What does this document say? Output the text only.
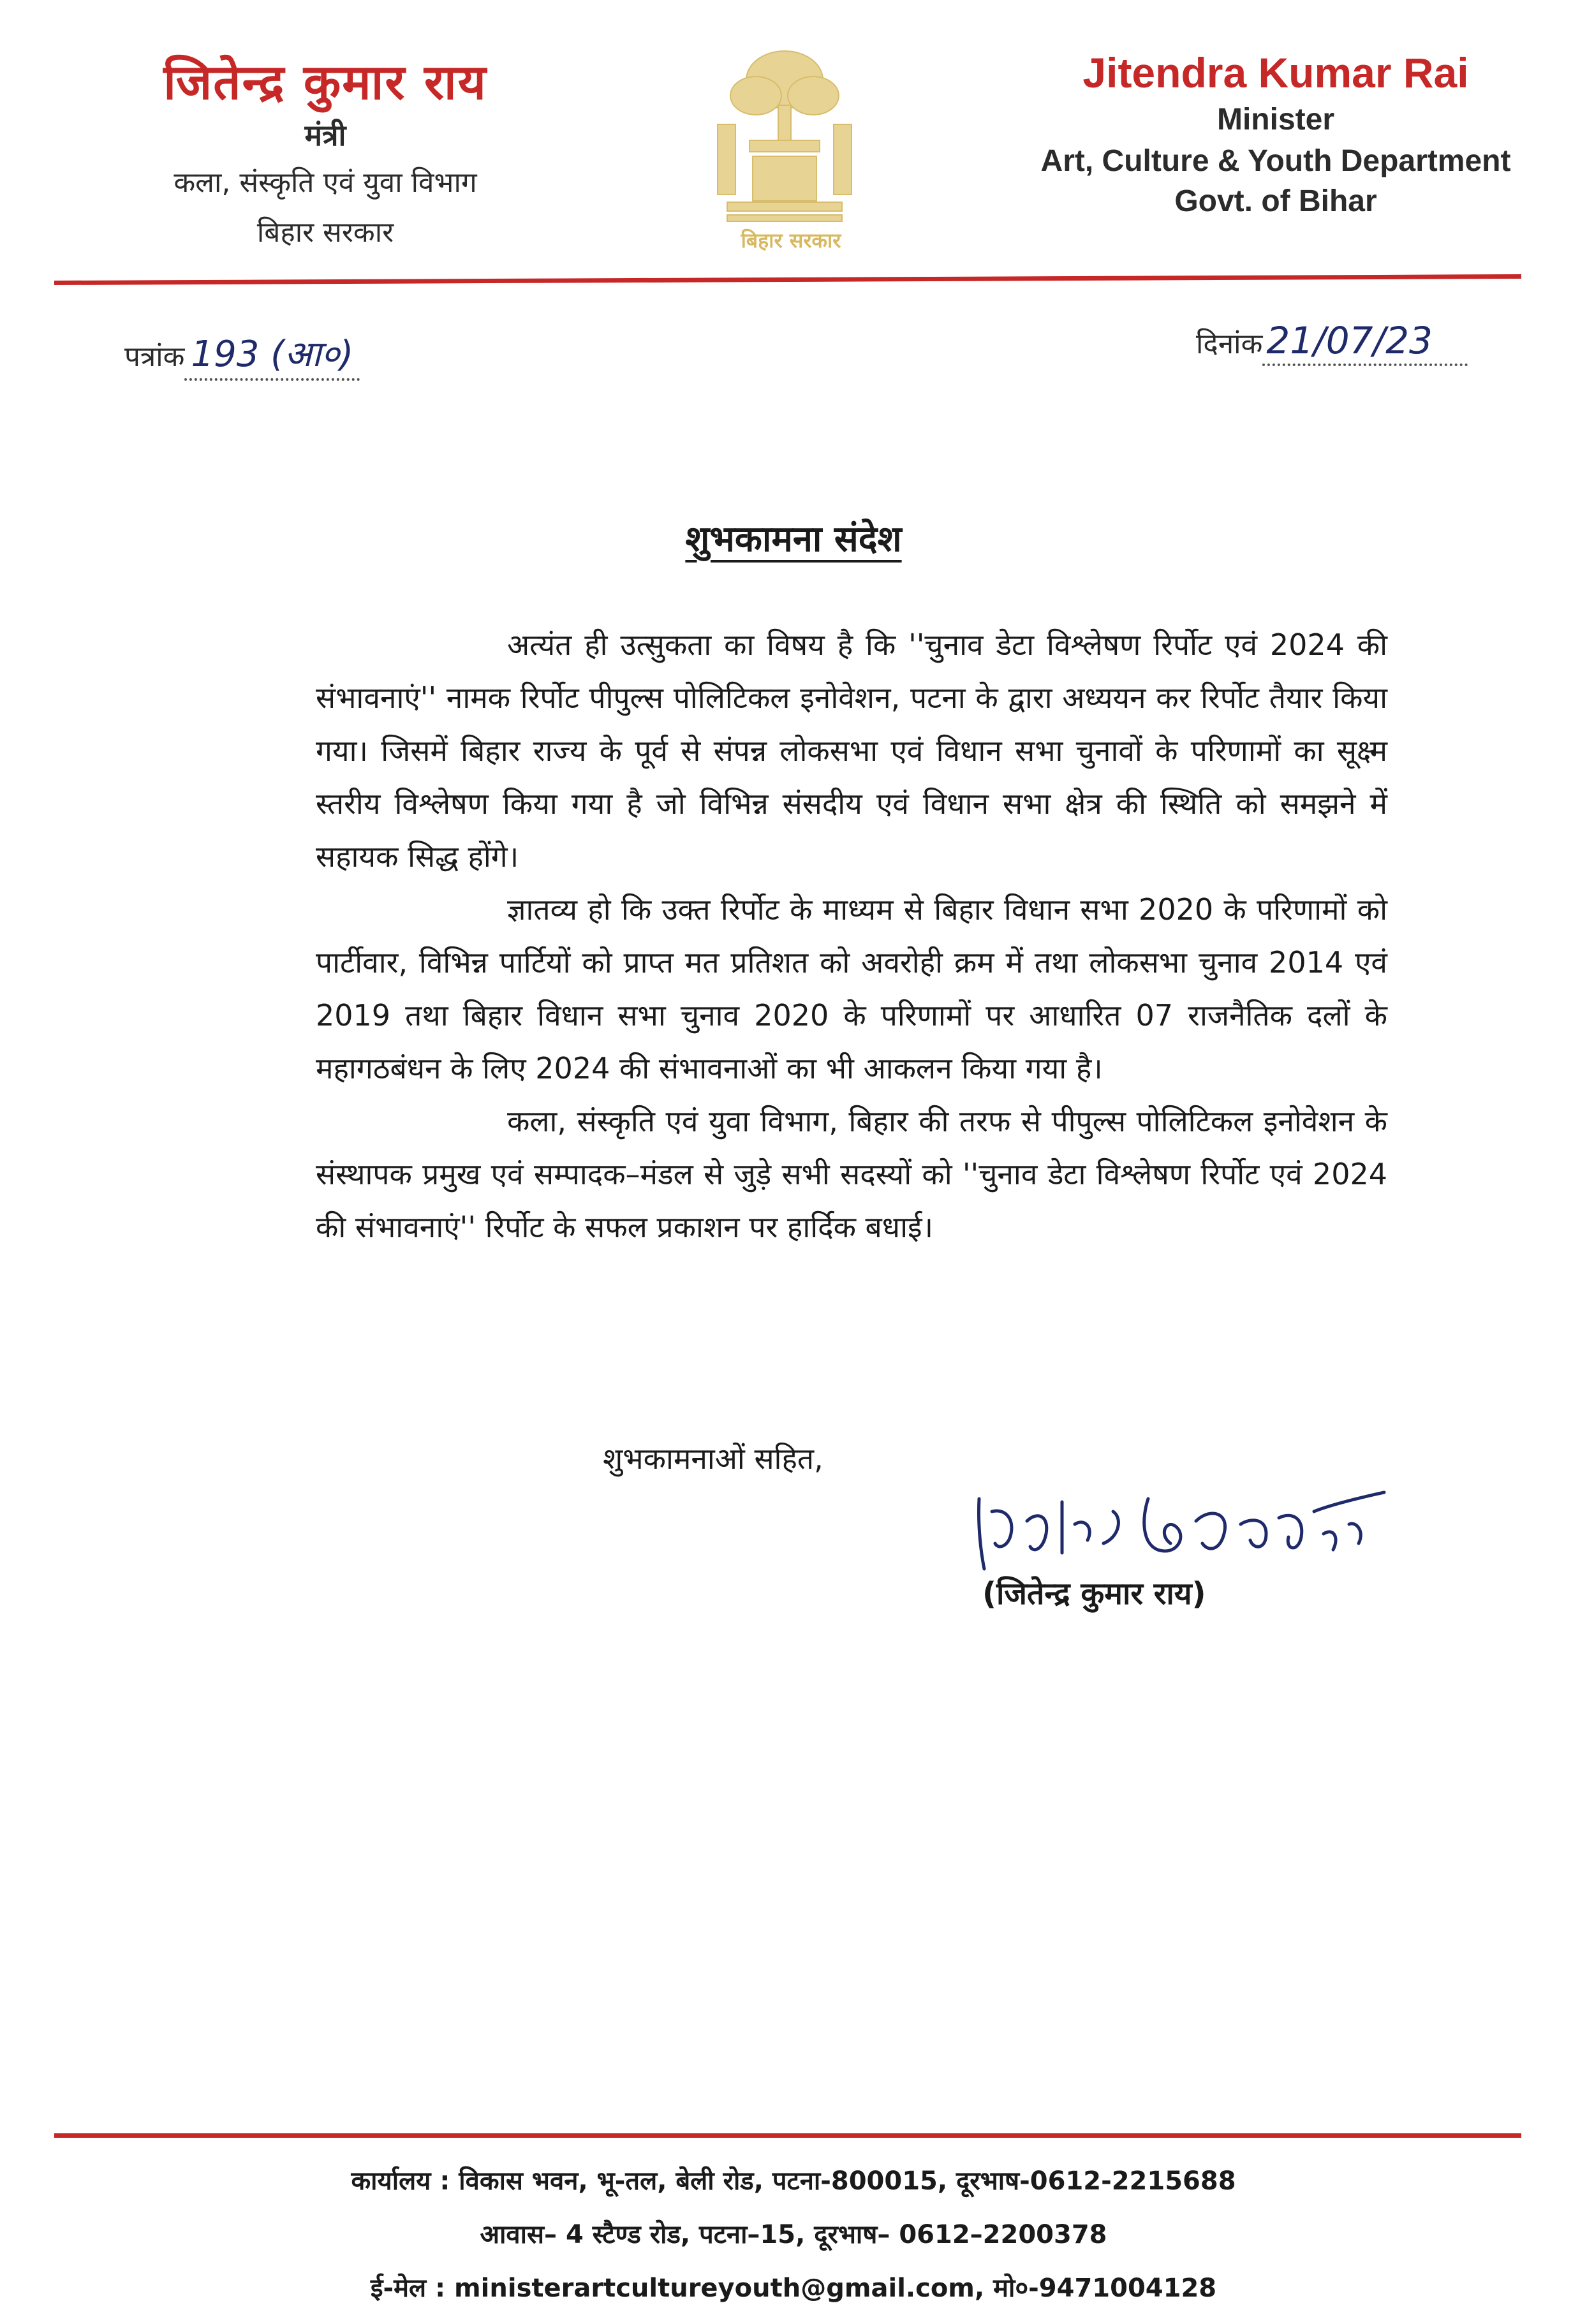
जितेन्द्र कुमार राय
मंत्री
कला, संस्कृति एवं युवा विभाग
बिहार सरकार	बिहार सरकार
Jitendra Kumar Rai
Minister
Art, Culture & Youth Department
Govt. of Bihar
पत्रांक 193 (आ०)	दिनांक 21/07/23
शुभकामना संदेश

अत्यंत ही उत्सुकता का विषय है कि ''चुनाव डेटा विश्लेषण रिर्पोट एवं 2024 की संभावनाएं'' नामक रिर्पोट पीपुल्स पोलिटिकल इनोवेशन, पटना के द्वारा अध्ययन कर रिर्पोट तैयार किया गया। जिसमें बिहार राज्य के पूर्व से संपन्न लोकसभा एवं विधान सभा चुनावों के परिणामों का सूक्ष्म स्तरीय विश्लेषण किया गया है जो विभिन्न संसदीय एवं विधान सभा क्षेत्र की स्थिति को समझने में सहायक सिद्ध होंगे।

ज्ञातव्य हो कि उक्त रिर्पोट के माध्यम से बिहार विधान सभा 2020 के परिणामों को पार्टीवार, विभिन्न पार्टियों को प्राप्त मत प्रतिशत को अवरोही क्रम में तथा लोकसभा चुनाव 2014 एवं 2019 तथा बिहार विधान सभा चुनाव 2020 के परिणामों पर आधारित 07 राजनैतिक दलों के महागठबंधन के लिए 2024 की संभावनाओं का भी आकलन किया गया है।

कला, संस्कृति एवं युवा विभाग, बिहार की तरफ से पीपुल्स पोलिटिकल इनोवेशन के संस्थापक प्रमुख एवं सम्पादक–मंडल से जुड़े सभी सदस्यों को ''चुनाव डेटा विश्लेषण रिर्पोट एवं 2024 की संभावनाएं'' रिर्पोट के सफल प्रकाशन पर हार्दिक बधाई।

शुभकामनाओं सहित,
(जितेन्द्र कुमार राय)
कार्यालय : विकास भवन, भू-तल, बेली रोड, पटना-800015, दूरभाष-0612-2215688
आवास– 4 स्टैण्ड रोड, पटना–15, दूरभाष– 0612–2200378
ई-मेल : ministerartcultureyouth@gmail.com, मो०-9471004128
